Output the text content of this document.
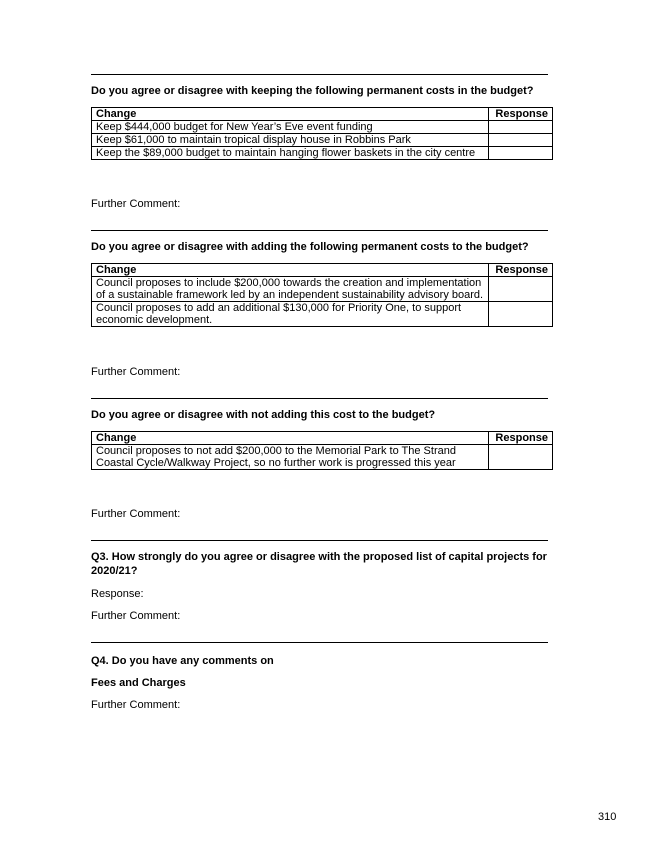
Do you agree or disagree with keeping the following permanent costs in the budget?
Change	Response
Keep $444,000 budget for New Year’s Eve event funding	
Keep $61,000 to maintain tropical display house in Robbins Park	
Keep the $89,000 budget to maintain hanging flower baskets in the city centre	
Further Comment:
Do you agree or disagree with adding the following permanent costs to the budget?
Change	Response
Council proposes to include $200,000 towards the creation and implementation of a sustainable framework led by an independent sustainability advisory board.	
Council proposes to add an additional $130,000 for Priority One, to support economic development.	
Further Comment:
Do you agree or disagree with not adding this cost to the budget?
Change	Response
Council proposes to not add $200,000 to the Memorial Park to The Strand Coastal Cycle/Walkway Project, so no further work is progressed this year	
Further Comment:
Q3. How strongly do you agree or disagree with the proposed list of capital projects for 2020/21?
Response:
Further Comment:
Q4. Do you have any comments on
Fees and Charges
Further Comment:
310
